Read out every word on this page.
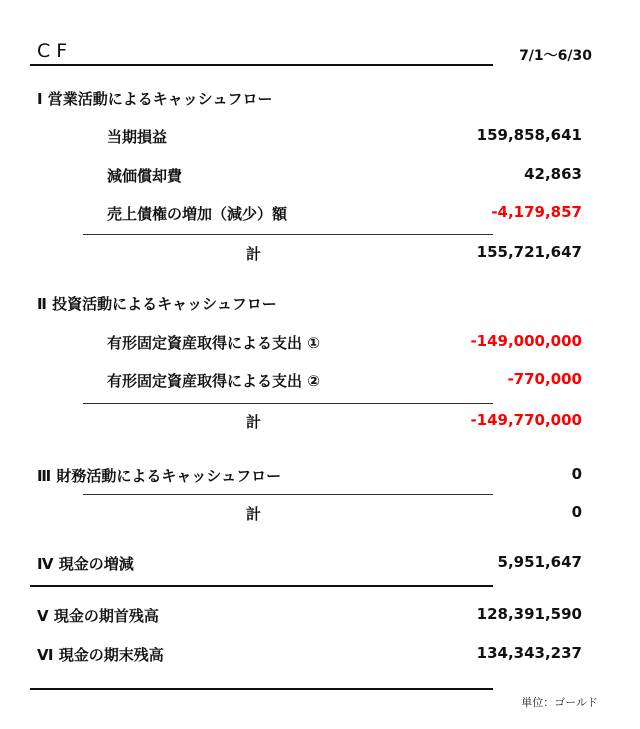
CF	7/1～6/30
Ⅰ 営業活動によるキャッシュフロー
当期損益	159,858,641
減価償却費	42,863
売上債権の増加（減少）額	-4,179,857
計	155,721,647
Ⅱ 投資活動によるキャッシュフロー
有形固定資産取得による支出 ①	-149,000,000
有形固定資産取得による支出 ②	-770,000
計	-149,770,000
Ⅲ 財務活動によるキャッシュフロー	0
計	0
Ⅳ 現金の増減	5,951,647
Ⅴ 現金の期首残高	128,391,590
Ⅵ 現金の期末残高	134,343,237
単位：ゴールド
